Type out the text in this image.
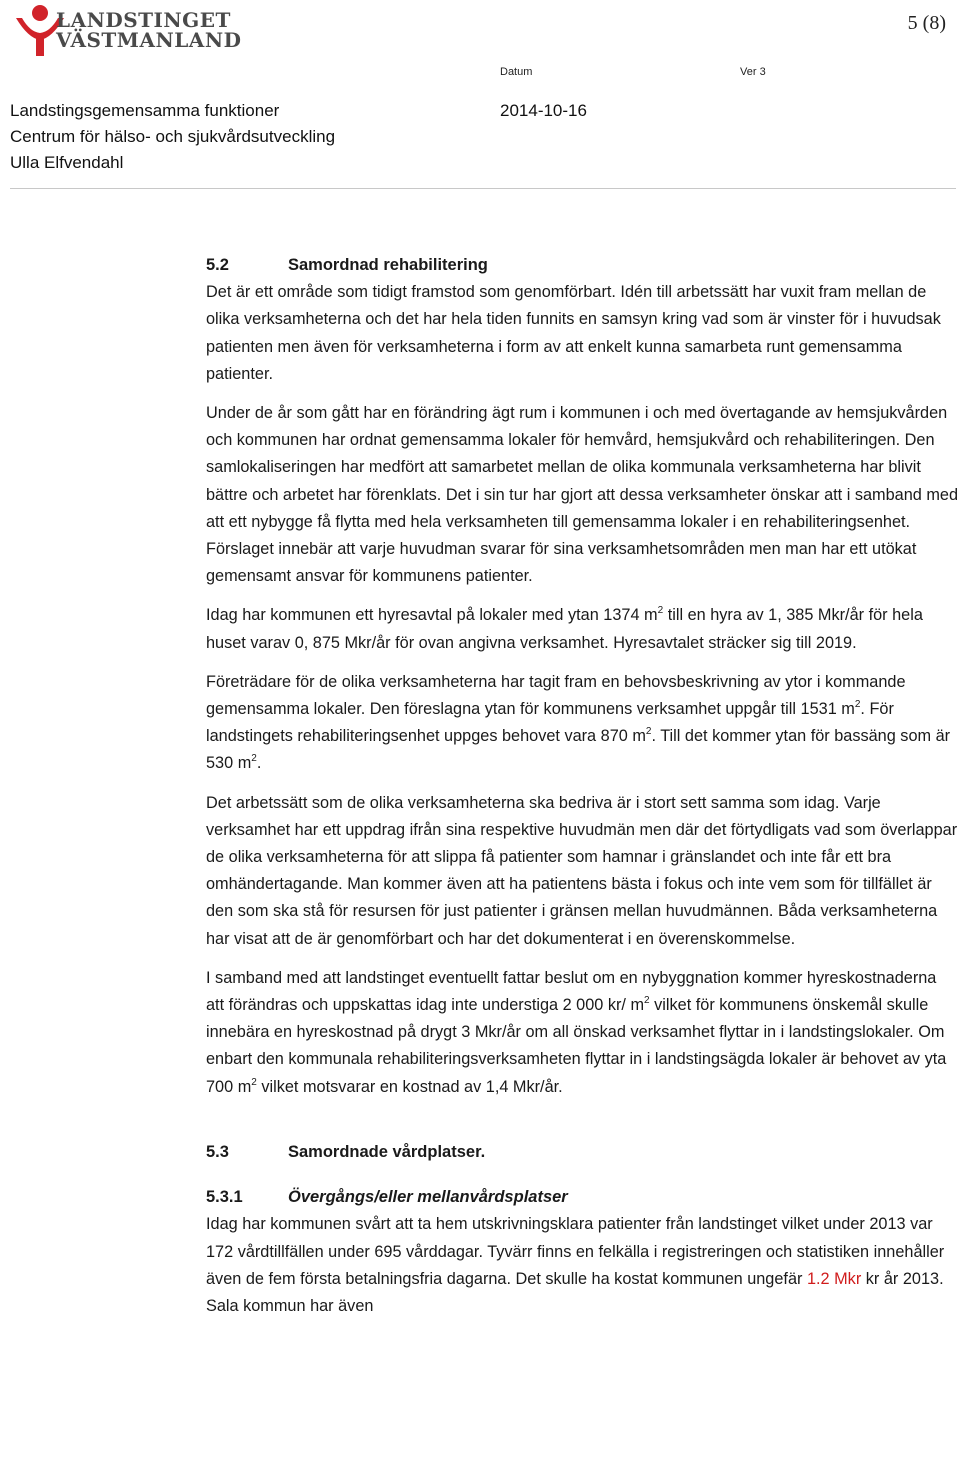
LANDSTINGET
VÄSTMANLAND
5 (8)
Datum	Ver 3
Landstingsgemensamma funktioner
Centrum för hälso- och sjukvårdsutveckling
Ulla Elfvendahl
2014-10-16
5.2	Samordnad rehabilitering

Det är ett område som tidigt framstod som genomförbart. Idén till arbetssätt har vuxit fram mellan de olika verksamheterna och det har hela tiden funnits en samsyn kring vad som är vinster för i huvudsak patienten men även för verksamheterna i form av att enkelt kunna samarbeta runt gemensamma patienter.

Under de år som gått har en förändring ägt rum i kommunen i och med övertagande av hemsjukvården och kommunen har ordnat gemensamma lokaler för hemvård, hemsjukvård och rehabiliteringen. Den samlokaliseringen har medfört att samarbetet mellan de olika kommunala verksamheterna har blivit bättre och arbetet har förenklats. Det i sin tur har gjort att dessa verksamheter önskar att i samband med att ett nybygge få flytta med hela verksamheten till gemensamma lokaler i en rehabiliteringsenhet. Förslaget innebär att varje huvudman svarar för sina verksamhetsområden men man har ett utökat gemensamt ansvar för kommunens patienter.

Idag har kommunen ett hyresavtal på lokaler med ytan 1374 $m^2$ till en hyra av 1, 385 Mkr/år för hela huset varav 0, 875 Mkr/år för ovan angivna verksamhet. Hyresavtalet sträcker sig till 2019.

Företrädare för de olika verksamheterna har tagit fram en behovsbeskrivning av ytor i kommande gemensamma lokaler. Den föreslagna ytan för kommunens verksamhet uppgår till 1531 $m^2$. För landstingets rehabiliteringsenhet uppges behovet vara 870 $m^2$. Till det kommer ytan för bassäng som är 530 $m^2$.

Det arbetssätt som de olika verksamheterna ska bedriva är i stort sett samma som idag. Varje verksamhet har ett uppdrag ifrån sina respektive huvudmän men där det förtydligats vad som överlappar de olika verksamheterna för att slippa få patienter som hamnar i gränslandet och inte får ett bra omhändertagande. Man kommer även att ha patientens bästa i fokus och inte vem som för tillfället är den som ska stå för resursen för just patienter i gränsen mellan huvudmännen. Båda verksamheterna har visat att de är genomförbart och har det dokumenterat i en överenskommelse.

I samband med att landstinget eventuellt fattar beslut om en nybyggnation kommer hyreskostnaderna att förändras och uppskattas idag inte understiga 2 000 kr/ $m^2$ vilket för kommunens önskemål skulle innebära en hyreskostnad på drygt 3 Mkr/år om all önskad verksamhet flyttar in i landstingslokaler. Om enbart den kommunala rehabiliteringsverksamheten flyttar in i landstingsägda lokaler är behovet av yta 700 $m^2$ vilket motsvarar en kostnad av 1,4 Mkr/år.

5.3	Samordnade vårdplatser.
5.3.1	Övergångs/eller mellanvårdsplatser

Idag har kommunen svårt att ta hem utskrivningsklara patienter från landstinget vilket under 2013 var 172 vårdtillfällen under 695 vårddagar. Tyvärr finns en felkälla i registreringen och statistiken innehåller även de fem första betalningsfria dagarna. Det skulle ha kostat kommunen ungefär 1.2 Mkr kr år 2013. Sala kommun har även
